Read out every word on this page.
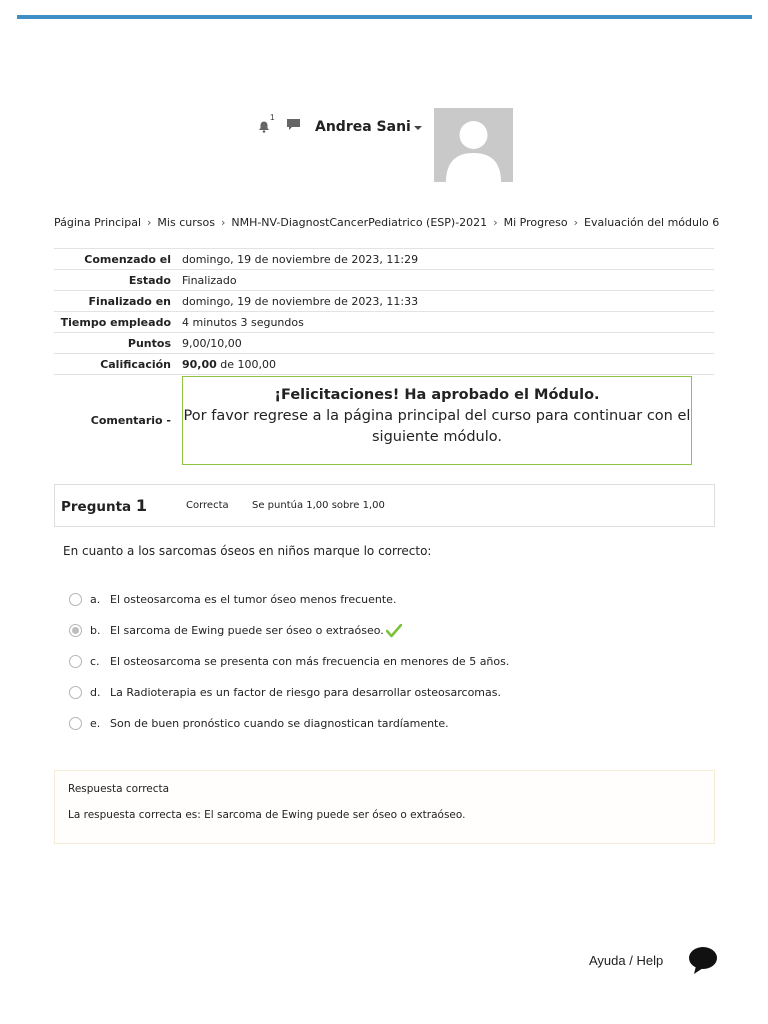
1
Andrea Sani
Página Principal › Mis cursos › NMH-NV-DiagnostCancerPediatrico (ESP)-2021 › Mi Progreso › Evaluación del módulo 6
Comenzado el	domingo, 19 de noviembre de 2023, 11:29
Estado	Finalizado
Finalizado en	domingo, 19 de noviembre de 2023, 11:33
Tiempo empleado	4 minutos 3 segundos
Puntos	9,00/10,00
Calificación	90,00 de 100,00
Comentario -
¡Felicitaciones! Ha aprobado el Módulo.
Por favor regrese a la página principal del curso para continuar con el siguiente módulo.
Pregunta 1	Correcta	Se puntúa 1,00 sobre 1,00
En cuanto a los sarcomas óseos en niños marque lo correcto:
a. El osteosarcoma es el tumor óseo menos frecuente.
b. El sarcoma de Ewing puede ser óseo o extraóseo.
c. El osteosarcoma se presenta con más frecuencia en menores de 5 años.
d. La Radioterapia es un factor de riesgo para desarrollar osteosarcomas.
e. Son de buen pronóstico cuando se diagnostican tardíamente.
Respuesta correcta
La respuesta correcta es: El sarcoma de Ewing puede ser óseo o extraóseo.
Ayuda / Help
